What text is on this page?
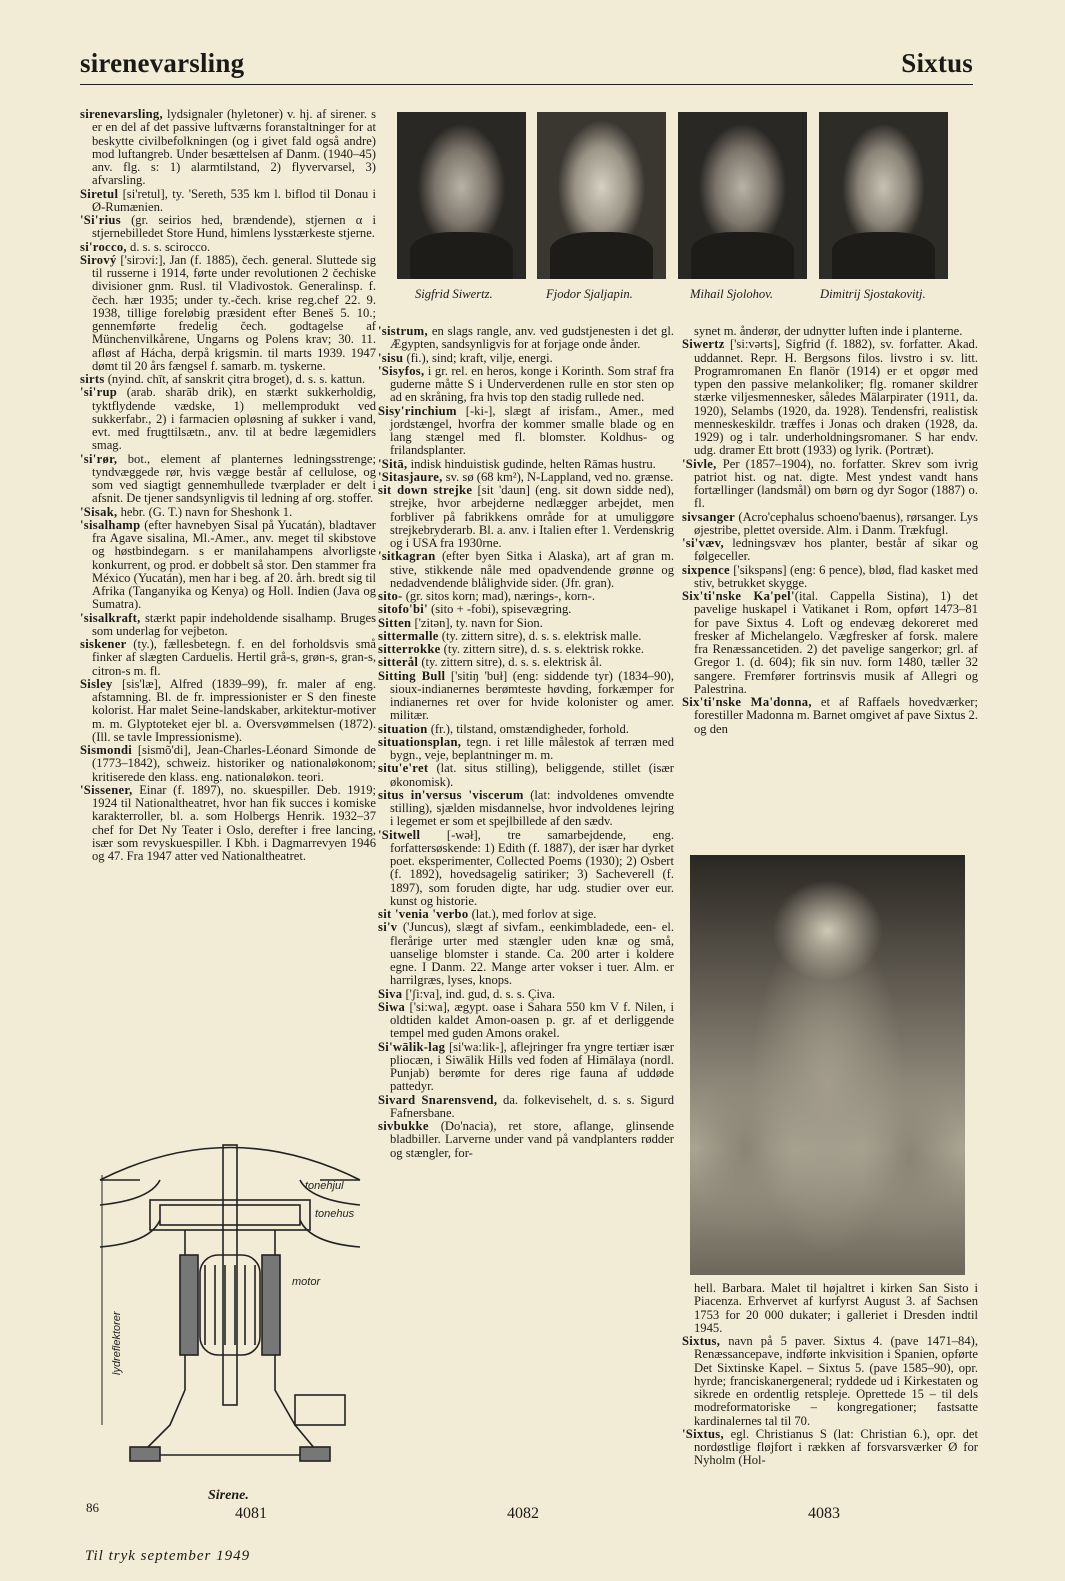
sirenevarsling	Sixtus

sirenevarsling, lydsignaler (hyletoner) v. hj. af sirener. s er en del af det passive luftværns foranstaltninger for at beskytte civilbefolkningen (og i givet fald også andre) mod luftangreb. Under besættelsen af Danm. (1940–45) anv. flg. s: 1) alarmtilstand, 2) flyvervarsel, 3) afvarsling.

Siretul [si'retul], ty. 'Sereth, 535 km l. biflod til Donau i Ø-Rumænien.

'Si'rius (gr. seirios hed, brændende), stjernen α i stjernebilledet Store Hund, himlens lysstærkeste stjerne.

si'rocco, d. s. s. scirocco.

Sirový ['sirɔvi:], Jan (f. 1885), čech. general. Sluttede sig til russerne i 1914, førte under revolutionen 2 čechiske divisioner gnm. Rusl. til Vladivostok. Generalinsp. f. čech. hær 1935; under ty.-čech. krise reg.chef 22. 9. 1938, tillige foreløbig præsident efter Beneš 5. 10.; gennemførte fredelig čech. godtagelse af Münchenvilkårene, Ungarns og Polens krav; 30. 11. afløst af Hácha, derpå krigsmin. til marts 1939. 1947 dømt til 20 års fængsel f. samarb. m. tyskerne.

sirts (nyind. chīt, af sanskrit çitra broget), d. s. s. kattun.

'si'rup (arab. sharāb drik), en stærkt sukkerholdig, tyktflydende vædske, 1) mellemprodukt ved sukkerfabr., 2) i farmacien opløsning af sukker i vand, evt. med frugttilsætn., anv. til at bedre lægemidlers smag.

'si'rør, bot., element af planternes ledningsstrenge; tyndvæggede rør, hvis vægge består af cellulose, og som ved siagtigt gennemhullede tværplader er delt i afsnit. De tjener sandsynligvis til ledning af org. stoffer.

'Sisak, hebr. (G. T.) navn for Sheshonk 1.

'sisalhamp (efter havnebyen Sisal på Yucatán), bladtaver fra Agave sisalina, Ml.-Amer., anv. meget til skibstove og høstbindegarn. s er manilahampens alvorligste konkurrent, og prod. er dobbelt så stor. Den stammer fra México (Yucatán), men har i beg. af 20. årh. bredt sig til Afrika (Tanganyika og Kenya) og Holl. Indien (Java og Sumatra).

'sisalkraft, stærkt papir indeholdende sisalhamp. Bruges som underlag for vejbeton.

siskener (ty.), fællesbetegn. f. en del forholdsvis små finker af slægten Carduelis. Hertil grå-s, grøn-s, gran-s, citron-s m. fl.

Sisley [sis'læ], Alfred (1839–99), fr. maler af eng. afstamning. Bl. de fr. impressionister er S den fineste kolorist. Har malet Seine-landskaber, arkitektur-motiver m. m. Glyptoteket ejer bl. a. Oversvømmelsen (1872). (Ill. se tavle Impressionisme).

Sismondi [sismõ'di], Jean-Charles-Léonard Simonde de (1773–1842), schweiz. historiker og nationaløkonom; kritiserede den klass. eng. nationaløkon. teori.

'Sissener, Einar (f. 1897), no. skuespiller. Deb. 1919; 1924 til Nationaltheatret, hvor han fik succes i komiske karakterroller, bl. a. som Holbergs Henrik. 1932–37 chef for Det Ny Teater i Oslo, derefter i free lancing, især som revyskuespiller. I Kbh. i Dagmarrevyen 1946 og 47. Fra 1947 atter ved Nationaltheatret.

'sistrum, en slags rangle, anv. ved gudstjenesten i det gl. Ægypten, sandsynligvis for at forjage onde ånder.

'sisu (fi.), sind; kraft, vilje, energi.

'Sisyfos, i gr. rel. en heros, konge i Korinth. Som straf fra guderne måtte S i Underverdenen rulle en stor sten op ad en skråning, fra hvis top den stadig rullede ned.

Sisy'rinchium [-ki-], slægt af irisfam., Amer., med jordstængel, hvorfra der kommer smalle blade og en lang stængel med fl. blomster. Koldhus- og frilandsplanter.

'Sitā, indisk hinduistisk gudinde, helten Rāmas hustru.

'Sitasjaure, sv. sø (68 km²), N-Lappland, ved no. grænse.

sit down strejke [sit 'daun] (eng. sit down sidde ned), strejke, hvor arbejderne nedlægger arbejdet, men forbliver på fabrikkens område for at umuliggøre strejkebryderarb. Bl. a. anv. i Italien efter 1. Verdenskrig og i USA fra 1930rne.

'sitkagran (efter byen Sitka i Alaska), art af gran m. stive, stikkende nåle med opadvendende grønne og nedadvendende blålighvide sider. (Jfr. gran).

sito- (gr. sitos korn; mad), nærings-, korn-.

sitofo'bi' (sito + -fobi), spisevægring.

Sitten ['zitən], ty. navn for Sion.

sittermalle (ty. zittern sitre), d. s. s. elektrisk malle.

sitterrokke (ty. zittern sitre), d. s. s. elektrisk rokke.

sitterål (ty. zittern sitre), d. s. s. elektrisk ål.

Sitting Bull ['sitiŋ 'buł] (eng: siddende tyr) (1834–90), sioux-indianernes berømteste høvding, forkæmper for indianernes ret over for hvide kolonister og amer. militær.

situation (fr.), tilstand, omstændigheder, forhold.

situationsplan, tegn. i ret lille målestok af terræn med bygn., veje, beplantninger m. m.

situ'e'ret (lat. situs stilling), beliggende, stillet (især økonomisk).

situs in'versus 'viscerum (lat: indvoldenes omvendte stilling), sjælden misdannelse, hvor indvoldenes lejring i legemet er som et spejlbillede af den sædv.

'Sitwell [-wəł], tre samarbejdende, eng. forfattersøskende: 1) Edith (f. 1887), der især har dyrket poet. eksperimenter, Collected Poems (1930); 2) Osbert (f. 1892), hovedsagelig satiriker; 3) Sacheverell (f. 1897), som foruden digte, har udg. studier over eur. kunst og historie.

sit 'venia 'verbo (lat.), med forlov at sige.

si'v ('Juncus), slægt af sivfam., eenkimbladede, een- el. flerårige urter med stængler uden knæ og små, uanselige blomster i stande. Ca. 200 arter i koldere egne. I Danm. 22. Mange arter vokser i tuer. Alm. er harrilgræs, lyses, knops.

Siva ['ʃi:va], ind. gud, d. s. s. Çiva.

Siwa ['si:wa], ægypt. oase i Sahara 550 km V f. Nilen, i oldtiden kaldet Amon-oasen p. gr. af et derliggende tempel med guden Amons orakel.

Si'wālik-lag [si'wa:lik-], aflejringer fra yngre tertiær især pliocæn, i Siwālik Hills ved foden af Himālaya (nordl. Punjab) berømte for deres rige fauna af uddøde pattedyr.

Sivard Snarensvend, da. folkevisehelt, d. s. s. Sigurd Fafnersbane.

sivbukke (Do'nacia), ret store, aflange, glinsende bladbiller. Larverne under vand på vandplanters rødder og stængler, for-

synet m. ånderør, der udnytter luften inde i planterne.

Siwertz ['si:vərts], Sigfrid (f. 1882), sv. forfatter. Akad. uddannet. Repr. H. Bergsons filos. livstro i sv. litt. Programromanen En flanör (1914) er et opgør med typen den passive melankoliker; flg. romaner skildrer stærke viljesmennesker, således Mälarpirater (1911, da. 1920), Selambs (1920, da. 1928). Tendensfri, realistisk menneskeskildr. træffes i Jonas och draken (1928, da. 1929) og i talr. underholdningsromaner. S har endv. udg. dramer Ett brott (1933) og lyrik. (Portræt).

'Sivle, Per (1857–1904), no. forfatter. Skrev som ivrig patriot hist. og nat. digte. Mest yndest vandt hans fortællinger (landsmål) om børn og dyr Sogor (1887) o. fl.

sivsanger (Acro'cephalus schoeno'baenus), rørsanger. Lys øjestribe, plettet overside. Alm. i Danm. Trækfugl.

'si'væv, ledningsvæv hos planter, består af sikar og følgeceller.

sixpence ['sikspəns] (eng: 6 pence), blød, flad kasket med stiv, betrukket skygge.

Six'ti'nske Ka'pel'(ital. Cappella Sistina), 1) det pavelige huskapel i Vatikanet i Rom, opført 1473–81 for pave Sixtus 4. Loft og endevæg dekoreret med fresker af Michelangelo. Vægfresker af forsk. malere fra Renæssancetiden. 2) det pavelige sangerkor; grl. af Gregor 1. (d. 604); fik sin nuv. form 1480, tæller 32 sangere. Fremfører fortrinsvis musik af Allegri og Palestrina.

Six'ti'nske Ma'donna, et af Raffaels hovedværker; forestiller Madonna m. Barnet omgivet af pave Sixtus 2. og den

hell. Barbara. Malet til højaltret i kirken San Sisto i Piacenza. Erhvervet af kurfyrst August 3. af Sachsen 1753 for 20 000 dukater; i galleriet i Dresden indtil 1945.

Sixtus, navn på 5 paver. Sixtus 4. (pave 1471–84), Renæssancepave, indførte inkvisition i Spanien, opførte Det Sixtinske Kapel. – Sixtus 5. (pave 1585–90), opr. hyrde; franciskanergeneral; ryddede ud i Kirkestaten og sikrede en ordentlig retspleje. Oprettede 15 – til dels modreformatoriske – kongregationer; fastsatte kardinalernes tal til 70.

'Sixtus, egl. Christianus S (lat: Christian 6.), opr. det nordøstlige fløjfort i rækken af forsvarsværker Ø for Nyholm (Hol-

Sigfrid Siwertz.	Fjodor Sjaljapin.	Mihail Sjolohov.	Dimitrij Sjostakovitj.
tonehjul
tonehus
motor
lydreflektorer
Sirene.
86	4081	4082	4083
Til tryk september 1949
